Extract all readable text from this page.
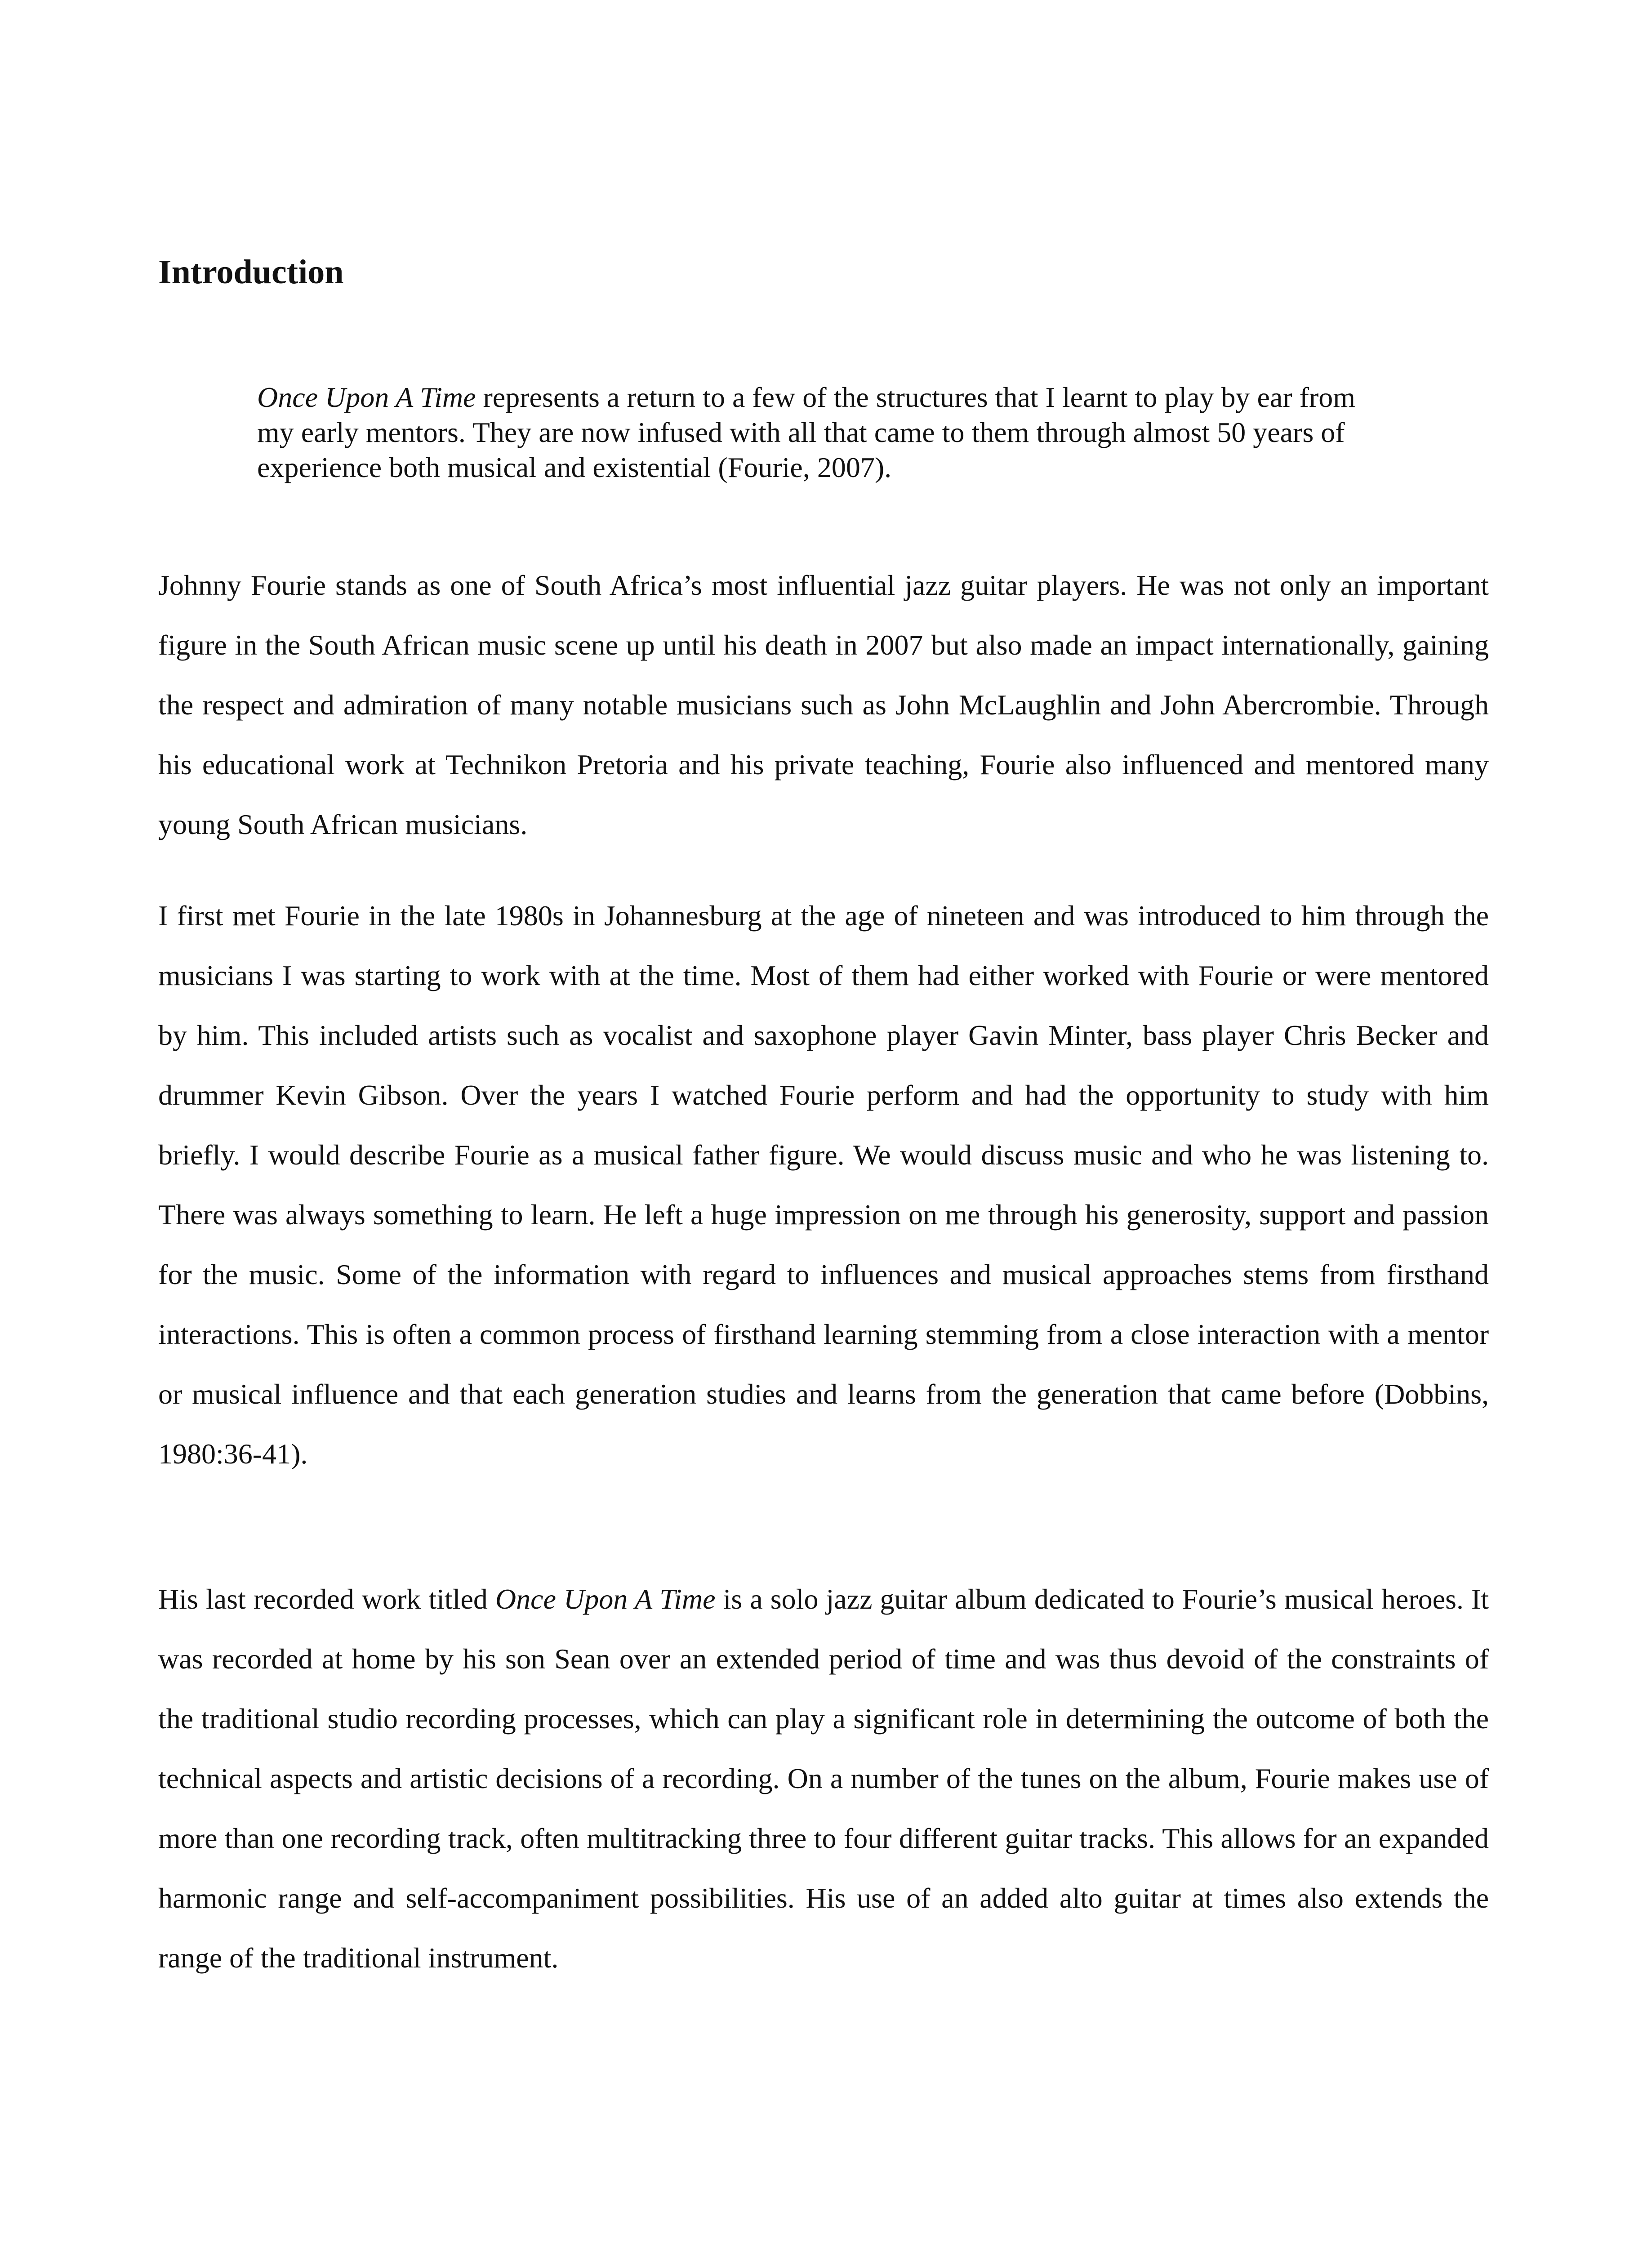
Introduction

Once Upon A Time represents a return to a few of the structures that I learnt to play by ear from my early mentors. They are now infused with all that came to them through almost 50 years of experience both musical and existential (Fourie, 2007).

Johnny Fourie stands as one of South Africa’s most influential jazz guitar players. He was not only an important figure in the South African music scene up until his death in 2007 but also made an impact internationally, gaining the respect and admiration of many notable musicians such as John McLaughlin and John Abercrombie. Through his educational work at Technikon Pretoria and his private teaching, Fourie also influenced and mentored many young South African musicians.

I first met Fourie in the late 1980s in Johannesburg at the age of nineteen and was introduced to him through the musicians I was starting to work with at the time. Most of them had either worked with Fourie or were mentored by him. This included artists such as vocalist and saxophone player Gavin Minter, bass player Chris Becker and drummer Kevin Gibson. Over the years I watched Fourie perform and had the opportunity to study with him briefly. I would describe Fourie as a musical father figure. We would discuss music and who he was listening to. There was always something to learn. He left a huge impression on me through his generosity, support and passion for the music. Some of the information with regard to influences and musical approaches stems from firsthand interactions. This is often a common process of firsthand learning stemming from a close interaction with a mentor or musical influence and that each generation studies and learns from the generation that came before (Dobbins, 1980:36-41).

His last recorded work titled Once Upon A Time is a solo jazz guitar album dedicated to Fourie’s musical heroes. It was recorded at home by his son Sean over an extended period of time and was thus devoid of the constraints of the traditional studio recording processes, which can play a significant role in determining the outcome of both the technical aspects and artistic decisions of a recording. On a number of the tunes on the album, Fourie makes use of more than one recording track, often multitracking three to four different guitar tracks. This allows for an expanded harmonic range and self-accompaniment possibilities. His use of an added alto guitar at times also extends the range of the traditional instrument.
